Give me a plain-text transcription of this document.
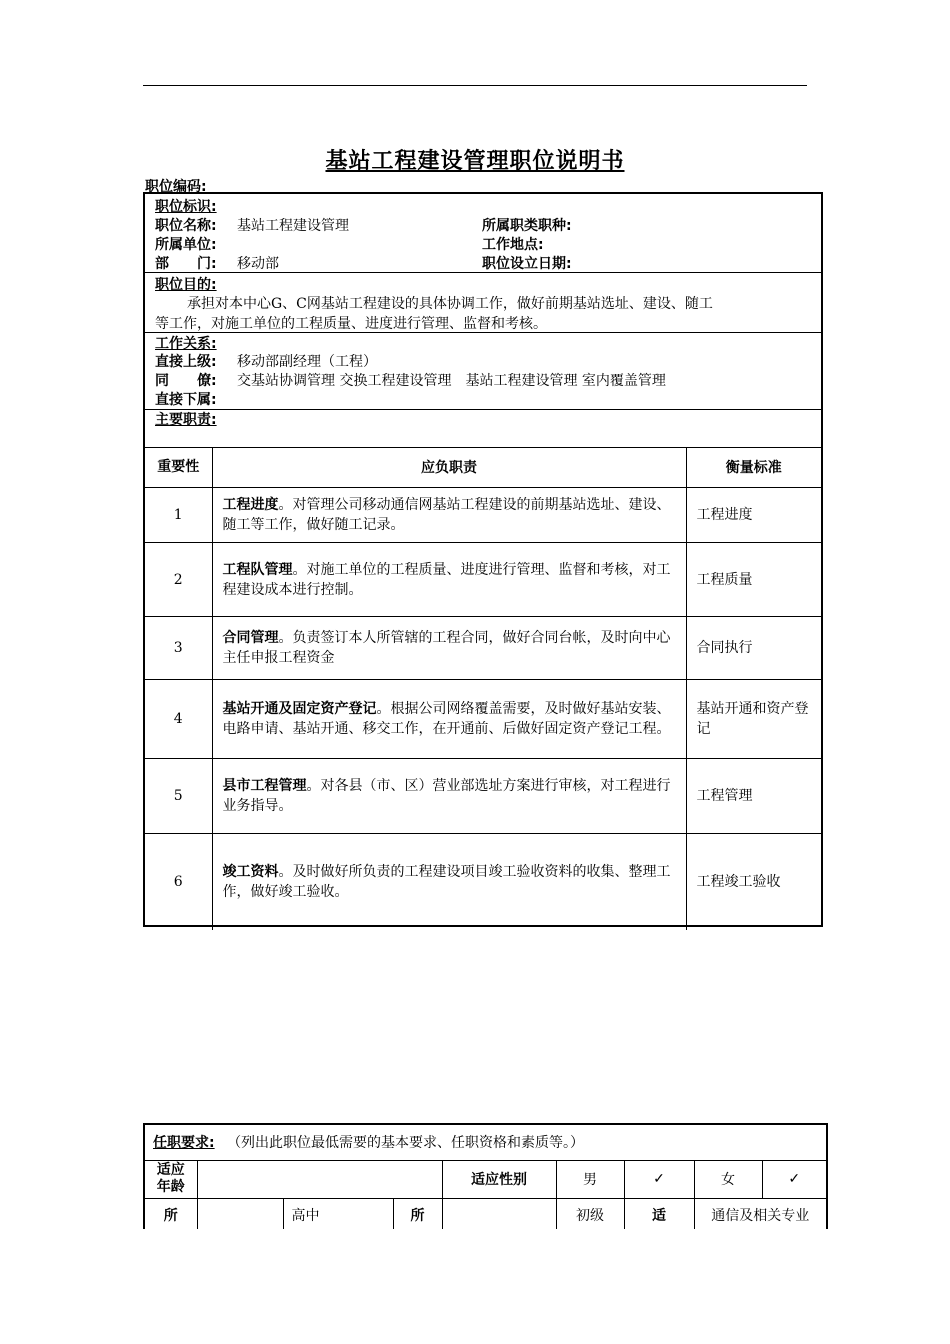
基站工程建设管理职位说明书
职位编码:
职位标识:
职位名称: 基站工程建设管理	所属职类职种:
所属单位:	工作地点:
部　　门: 移动部	职位设立日期:
职位目的:
承担对本中心G、C网基站工程建设的具体协调工作，做好前期基站选址、建设、随工
等工作，对施工单位的工程质量、进度进行管理、监督和考核。
工作关系:
直接上级: 移动部副经理（工程）
同　　僚: 交基站协调管理 交换工程建设管理　基站工程建设管理 室内覆盖管理
直接下属:
主要职责:
重要性	应负职责	衡量标准
1	工程进度。对管理公司移动通信网基站工程建设的前期基站选址、建设、随工等工作，做好随工记录。	工程进度
2	工程队管理。对施工单位的工程质量、进度进行管理、监督和考核，对工程建设成本进行控制。	工程质量
3	合同管理。负责签订本人所管辖的工程合同，做好合同台帐，及时向中心主任申报工程资金	合同执行
4	基站开通及固定资产登记。根据公司网络覆盖需要，及时做好基站安装、电路申请、基站开通、移交工作，在开通前、后做好固定资产登记工程。	基站开通和资产登记
5	县市工程管理。对各县（市、区）营业部选址方案进行审核，对工程进行业务指导。	工程管理
6	竣工资料。及时做好所负责的工程建设项目竣工验收资料的收集、整理工作，做好竣工验收。	工程竣工验收
任职要求: （列出此职位最低需要的基本要求、任职资格和素质等。）								
适应年龄				适应性别	男	✓	女	✓
所		高中	所		初级	适	通信及相关专业	
